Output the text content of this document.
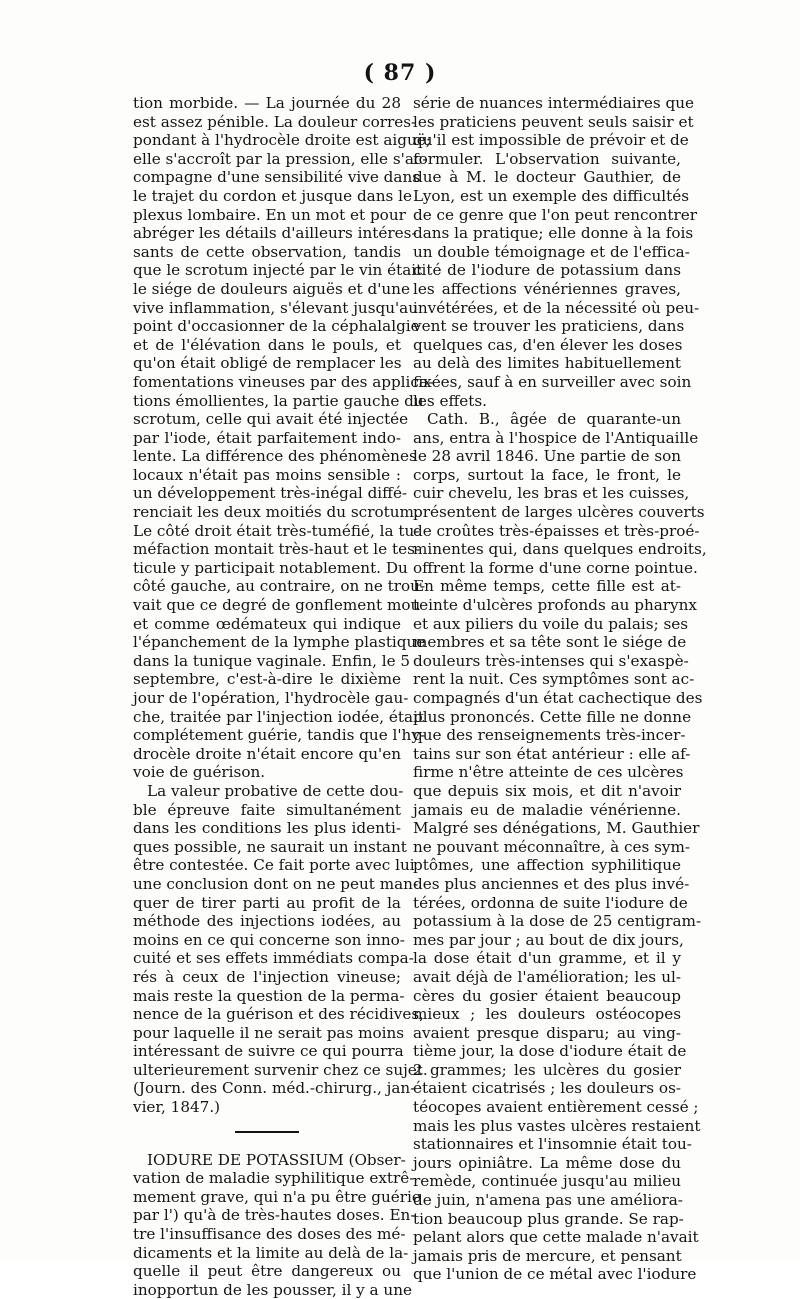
( 87 )
tion morbide. — La journée du 28
est assez pénible. La douleur corres-
pondant à l'hydrocèle droite est aiguë;
elle s'accroît par la pression, elle s'ac-
compagne d'une sensibilité vive dans
le trajet du cordon et jusque dans le
plexus lombaire. En un mot et pour
abréger les détails d'ailleurs intéres-
sants de cette observation, tandis
que le scrotum injecté par le vin était
le siége de douleurs aiguës et d'une
vive inflammation, s'élevant jusqu'au
point d'occasionner de la céphalalgie
et de l'élévation dans le pouls, et
qu'on était obligé de remplacer les
fomentations vineuses par des applica-
tions émollientes, la partie gauche du
scrotum, celle qui avait été injectée
par l'iode, était parfaitement indo-
lente. La différence des phénomènes
locaux n'était pas moins sensible :
un développement très-inégal diffé-
renciait les deux moitiés du scrotum.
Le côté droit était très-tuméfié, la tu-
méfaction montait très-haut et le tes-
ticule y participait notablement. Du
côté gauche, au contraire, on ne trou-
vait que ce degré de gonflement mou
et comme œdémateux qui indique
l'épanchement de la lymphe plastique
dans la tunique vaginale. Enfin, le 5
septembre, c'est-à-dire le dixième
jour de l'opération, l'hydrocèle gau-
che, traitée par l'injection iodée, était
complétement guérie, tandis que l'hy-
drocèle droite n'était encore qu'en
voie de guérison.
La valeur probative de cette dou-
ble épreuve faite simultanément
dans les conditions les plus identi-
ques possible, ne saurait un instant
être contestée. Ce fait porte avec lui
une conclusion dont on ne peut man-
quer de tirer parti au profit de la
méthode des injections iodées, au
moins en ce qui concerne son inno-
cuité et ses effets immédiats compa-
rés à ceux de l'injection vineuse;
mais reste la question de la perma-
nence de la guérison et des récidives,
pour laquelle il ne serait pas moins
intéressant de suivre ce qui pourra
ulterieurement survenir chez ce sujet.
(Journ. des Conn. méd.-chirurg., jan-
vier, 1847.)
IODURE DE POTASSIUM (Obser-
vation de maladie syphilitique extrê-
mement grave, qui n'a pu être guérie
par l') qu'à de très-hautes doses. En-
tre l'insuffisance des doses des mé-
dicaments et la limite au delà de la-
quelle il peut être dangereux ou
inopportun de les pousser, il y a une
série de nuances intermédiaires que
les praticiens peuvent seuls saisir et
qu'il est impossible de prévoir et de
formuler. L'observation suivante,
due à M. le docteur Gauthier, de
Lyon, est un exemple des difficultés
de ce genre que l'on peut rencontrer
dans la pratique; elle donne à la fois
un double témoignage et de l'effica-
cité de l'iodure de potassium dans
les affections vénériennes graves,
invétérées, et de la nécessité où peu-
vent se trouver les praticiens, dans
quelques cas, d'en élever les doses
au delà des limites habituellement
fixées, sauf à en surveiller avec soin
les effets.
Cath. B., âgée de quarante-un
ans, entra à l'hospice de l'Antiquaille
le 28 avril 1846. Une partie de son
corps, surtout la face, le front, le
cuir chevelu, les bras et les cuisses,
présentent de larges ulcères couverts
de croûtes très-épaisses et très-proé-
minentes qui, dans quelques endroits,
offrent la forme d'une corne pointue.
En même temps, cette fille est at-
teinte d'ulcères profonds au pharynx
et aux piliers du voile du palais; ses
membres et sa tête sont le siége de
douleurs très-intenses qui s'exaspè-
rent la nuit. Ces symptômes sont ac-
compagnés d'un état cachectique des
plus prononcés. Cette fille ne donne
que des renseignements très-incer-
tains sur son état antérieur : elle af-
firme n'être atteinte de ces ulcères
que depuis six mois, et dit n'avoir
jamais eu de maladie vénérienne.
Malgré ses dénégations, M. Gauthier
ne pouvant méconnaître, à ces sym-
ptômes, une affection syphilitique
des plus anciennes et des plus invé-
térées, ordonna de suite l'iodure de
potassium à la dose de 25 centigram-
mes par jour ; au bout de dix jours,
la dose était d'un gramme, et il y
avait déjà de l'amélioration; les ul-
cères du gosier étaient beaucoup
mieux ; les douleurs ostéocopes
avaient presque disparu; au ving-
tième jour, la dose d'iodure était de
2 grammes; les ulcères du gosier
étaient cicatrisés ; les douleurs os-
téocopes avaient entièrement cessé ;
mais les plus vastes ulcères restaient
stationnaires et l'insomnie était tou-
jours opiniâtre. La même dose du
remède, continuée jusqu'au milieu
de juin, n'amena pas une améliora-
tion beaucoup plus grande. Se rap-
pelant alors que cette malade n'avait
jamais pris de mercure, et pensant
que l'union de ce métal avec l'iodure
